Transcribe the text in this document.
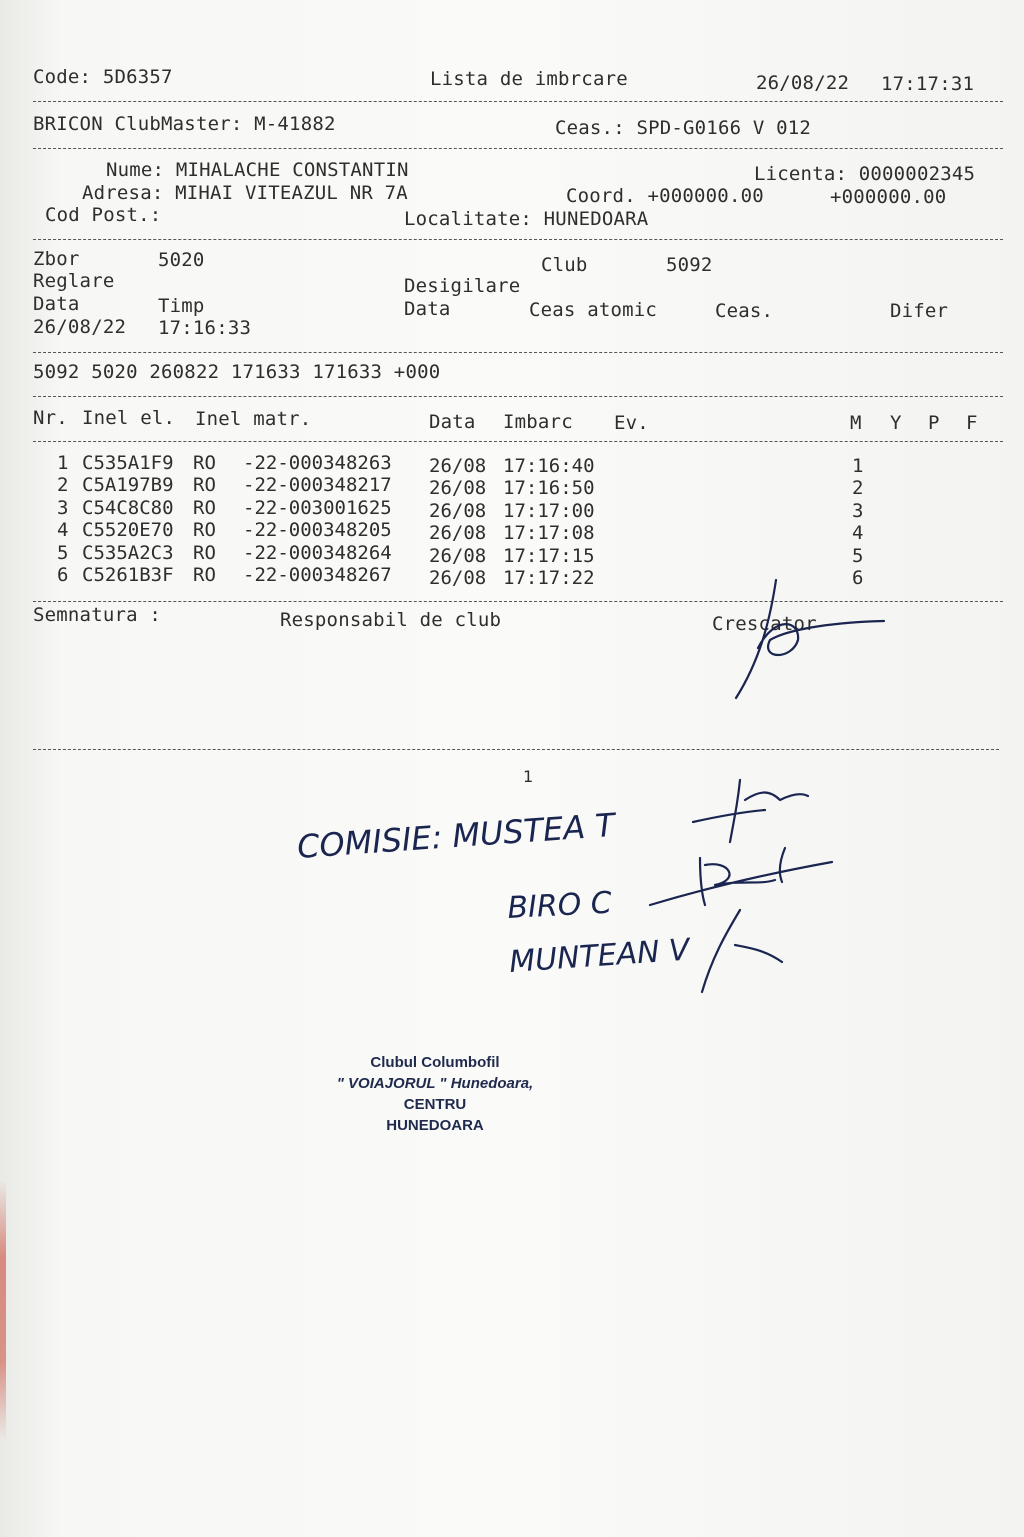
Code: 5D6357	Lista de imbrcare	26/08/22 17:17:31
BRICON ClubMaster: M-41882	Ceas.: SPD-G0166 V 012
Nume: MIHALACHE CONSTANTIN	Licenta: 0000002345
Adresa: MIHAI VITEAZUL NR 7A	Coord. +000000.00	+000000.00
Cod Post.:	Localitate: HUNEDOARA
Zbor	5020	Club	5092
Reglare	Desigilare
Data	Timp	Data	Ceas atomic	Ceas.	Difer
26/08/22 17:16:33
5092 5020 260822 171633 171633 +000
Nr. Inel el. Inel matr.	Data Imbarc Ev.	M Y P F
1 C535A1F9 RO -22-000348263 26/08 17:16:40	1
2 C5A197B9 RO -22-000348217 26/08 17:16:50	2
3 C54C8C80 RO -22-003001625 26/08 17:17:00	3
4 C5520E70 RO -22-000348205 26/08 17:17:08	4
5 C535A2C3 RO -22-000348264 26/08 17:17:15	5
6 C5261B3F RO -22-000348267 26/08 17:17:22	6
Semnatura :	Responsabil de club	Crescator
1
COMISIE: MUSTEA T
BIRO C
MUNTEAN V
Clubul Columbofil
" VOIAJORUL " Hunedoara,
CENTRU
HUNEDOARA
